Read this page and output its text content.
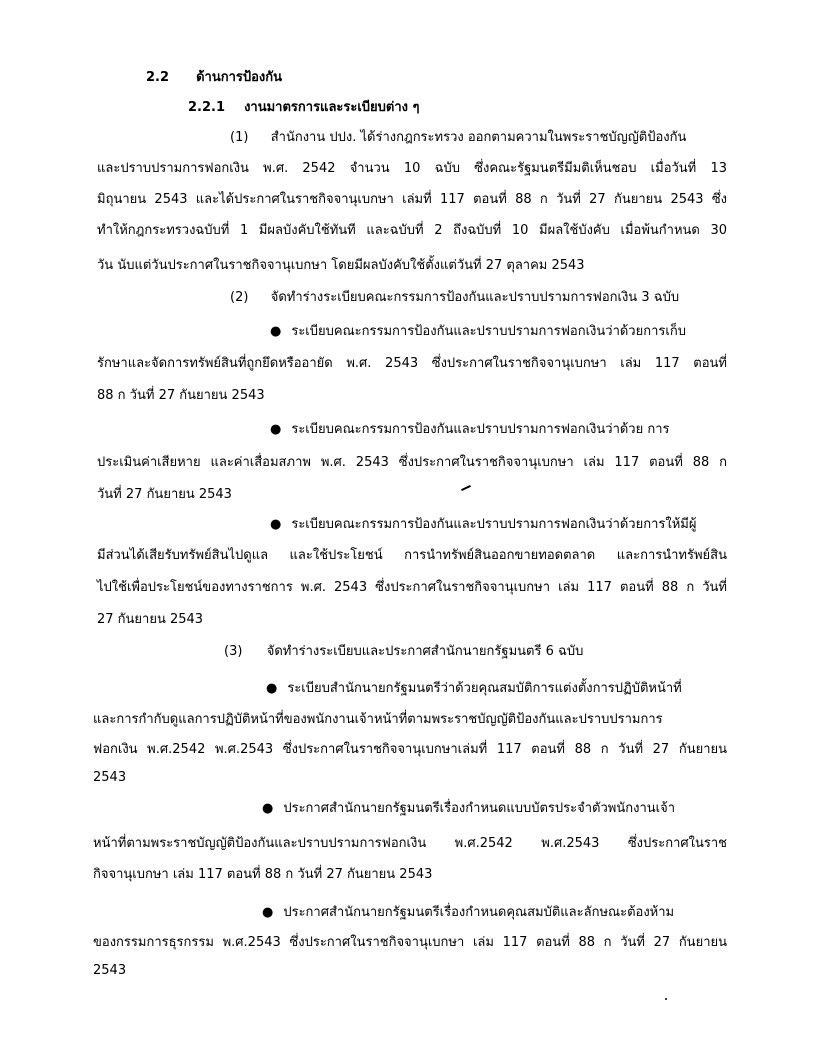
2.2 ด้านการป้องกัน
2.2.1 งานมาตรการและระเบียบต่าง ๆ
(1) สำนักงาน ปปง. ได้ร่างกฎกระทรวง ออกตามความในพระราชบัญญัติป้องกัน
และปราบปรามการฟอกเงิน พ.ศ. 2542 จำนวน 10 ฉบับ ซึ่งคณะรัฐมนตรีมีมติเห็นชอบ เมื่อวันที่ 13
มิถุนายน 2543 และได้ประกาศในราชกิจจานุเบกษา เล่มที่ 117 ตอนที่ 88 ก วันที่ 27 กันยายน 2543 ซึ่ง
ทำให้กฎกระทรวงฉบับที่ 1 มีผลบังคับใช้ทันที และฉบับที่ 2 ถึงฉบับที่ 10 มีผลใช้บังคับ เมื่อพ้นกำหนด 30
วัน นับแต่วันประกาศในราชกิจจานุเบกษา โดยมีผลบังคับใช้ตั้งแต่วันที่ 27 ตุลาคม 2543
(2) จัดทำร่างระเบียบคณะกรรมการป้องกันและปราบปรามการฟอกเงิน 3 ฉบับ
● ระเบียบคณะกรรมการป้องกันและปราบปรามการฟอกเงินว่าด้วยการเก็บ
รักษาและจัดการทรัพย์สินที่ถูกยึดหรืออายัด พ.ศ. 2543 ซึ่งประกาศในราชกิจจานุเบกษา เล่ม 117 ตอนที่
88 ก วันที่ 27 กันยายน 2543
● ระเบียบคณะกรรมการป้องกันและปราบปรามการฟอกเงินว่าด้วย การ
ประเมินค่าเสียหาย และค่าเสื่อมสภาพ พ.ศ. 2543 ซึ่งประกาศในราชกิจจานุเบกษา เล่ม 117 ตอนที่ 88 ก
วันที่ 27 กันยายน 2543
● ระเบียบคณะกรรมการป้องกันและปราบปรามการฟอกเงินว่าด้วยการให้มีผู้
มีส่วนได้เสียรับทรัพย์สินไปดูแล และใช้ประโยชน์ การนำทรัพย์สินออกขายทอดตลาด และการนำทรัพย์สิน
ไปใช้เพื่อประโยชน์ของทางราชการ พ.ศ. 2543 ซึ่งประกาศในราชกิจจานุเบกษา เล่ม 117 ตอนที่ 88 ก วันที่
27 กันยายน 2543
(3) จัดทำร่างระเบียบและประกาศสำนักนายกรัฐมนตรี 6 ฉบับ
● ระเบียบสำนักนายกรัฐมนตรีว่าด้วยคุณสมบัติการแต่งตั้งการปฏิบัติหน้าที่
และการกำกับดูแลการปฏิบัติหน้าที่ของพนักงานเจ้าหน้าที่ตามพระราชบัญญัติป้องกันและปราบปรามการ
ฟอกเงิน พ.ศ.2542 พ.ศ.2543 ซึ่งประกาศในราชกิจจานุเบกษาเล่มที่ 117 ตอนที่ 88 ก วันที่ 27 กันยายน
2543
● ประกาศสำนักนายกรัฐมนตรีเรื่องกำหนดแบบบัตรประจำตัวพนักงานเจ้า
หน้าที่ตามพระราชบัญญัติป้องกันและปราบปรามการฟอกเงิน พ.ศ.2542 พ.ศ.2543 ซึ่งประกาศในราช
กิจจานุเบกษา เล่ม 117 ตอนที่ 88 ก วันที่ 27 กันยายน 2543
● ประกาศสำนักนายกรัฐมนตรีเรื่องกำหนดคุณสมบัติและลักษณะต้องห้าม
ของกรรมการธุรกรรม พ.ศ.2543 ซึ่งประกาศในราชกิจจานุเบกษา เล่ม 117 ตอนที่ 88 ก วันที่ 27 กันยายน
2543
